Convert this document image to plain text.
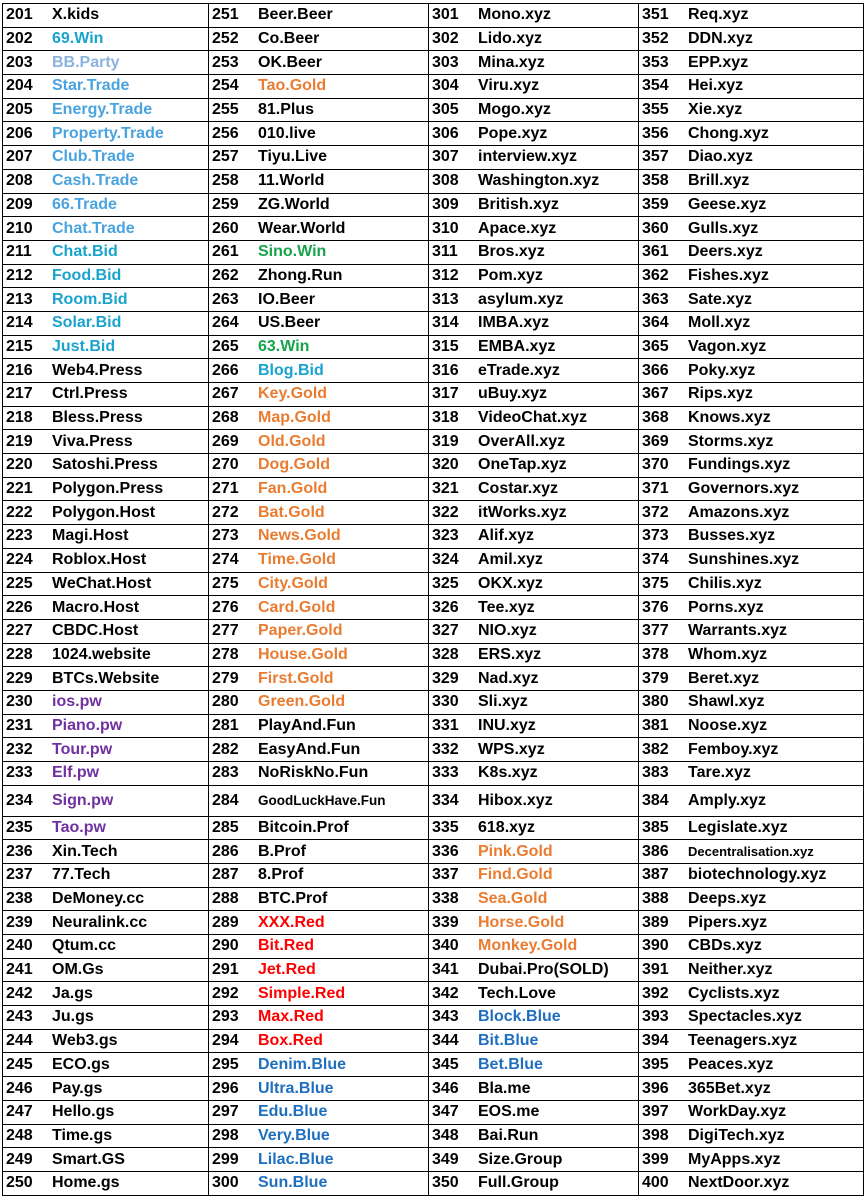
201 X.kids	251 Beer.Beer	301 Mono.xyz	351 Req.xyz
202 69.Win	252 Co.Beer	302 Lido.xyz	352 DDN.xyz
203 BB.Party	253 OK.Beer	303 Mina.xyz	353 EPP.xyz
204 Star.Trade	254 Tao.Gold	304 Viru.xyz	354 Hei.xyz
205 Energy.Trade	255 81.Plus	305 Mogo.xyz	355 Xie.xyz
206 Property.Trade	256 010.live	306 Pope.xyz	356 Chong.xyz
207 Club.Trade	257 Tiyu.Live	307 interview.xyz	357 Diao.xyz
208 Cash.Trade	258 11.World	308 Washington.xyz	358 Brill.xyz
209 66.Trade	259 ZG.World	309 British.xyz	359 Geese.xyz
210 Chat.Trade	260 Wear.World	310 Apace.xyz	360 Gulls.xyz
211 Chat.Bid	261 Sino.Win	311 Bros.xyz	361 Deers.xyz
212 Food.Bid	262 Zhong.Run	312 Pom.xyz	362 Fishes.xyz
213 Room.Bid	263 IO.Beer	313 asylum.xyz	363 Sate.xyz
214 Solar.Bid	264 US.Beer	314 IMBA.xyz	364 Moll.xyz
215 Just.Bid	265 63.Win	315 EMBA.xyz	365 Vagon.xyz
216 Web4.Press	266 Blog.Bid	316 eTrade.xyz	366 Poky.xyz
217 Ctrl.Press	267 Key.Gold	317 uBuy.xyz	367 Rips.xyz
218 Bless.Press	268 Map.Gold	318 VideoChat.xyz	368 Knows.xyz
219 Viva.Press	269 Old.Gold	319 OverAll.xyz	369 Storms.xyz
220 Satoshi.Press	270 Dog.Gold	320 OneTap.xyz	370 Fundings.xyz
221 Polygon.Press	271 Fan.Gold	321 Costar.xyz	371 Governors.xyz
222 Polygon.Host	272 Bat.Gold	322 itWorks.xyz	372 Amazons.xyz
223 Magi.Host	273 News.Gold	323 Alif.xyz	373 Busses.xyz
224 Roblox.Host	274 Time.Gold	324 Amil.xyz	374 Sunshines.xyz
225 WeChat.Host	275 City.Gold	325 OKX.xyz	375 Chilis.xyz
226 Macro.Host	276 Card.Gold	326 Tee.xyz	376 Porns.xyz
227 CBDC.Host	277 Paper.Gold	327 NIO.xyz	377 Warrants.xyz
228 1024.website	278 House.Gold	328 ERS.xyz	378 Whom.xyz
229 BTCs.Website	279 First.Gold	329 Nad.xyz	379 Beret.xyz
230 ios.pw	280 Green.Gold	330 Sli.xyz	380 Shawl.xyz
231 Piano.pw	281 PlayAnd.Fun	331 INU.xyz	381 Noose.xyz
232 Tour.pw	282 EasyAnd.Fun	332 WPS.xyz	382 Femboy.xyz
233 Elf.pw	283 NoRiskNo.Fun	333 K8s.xyz	383 Tare.xyz
234 Sign.pw	284 GoodLuckHave.Fun	334 Hibox.xyz	384 Amply.xyz
235 Tao.pw	285 Bitcoin.Prof	335 618.xyz	385 Legislate.xyz
236 Xin.Tech	286 B.Prof	336 Pink.Gold	386 Decentralisation.xyz
237 77.Tech	287 8.Prof	337 Find.Gold	387 biotechnology.xyz
238 DeMoney.cc	288 BTC.Prof	338 Sea.Gold	388 Deeps.xyz
239 Neuralink.cc	289 XXX.Red	339 Horse.Gold	389 Pipers.xyz
240 Qtum.cc	290 Bit.Red	340 Monkey.Gold	390 CBDs.xyz
241 OM.Gs	291 Jet.Red	341 Dubai.Pro(SOLD)	391 Neither.xyz
242 Ja.gs	292 Simple.Red	342 Tech.Love	392 Cyclists.xyz
243 Ju.gs	293 Max.Red	343 Block.Blue	393 Spectacles.xyz
244 Web3.gs	294 Box.Red	344 Bit.Blue	394 Teenagers.xyz
245 ECO.gs	295 Denim.Blue	345 Bet.Blue	395 Peaces.xyz
246 Pay.gs	296 Ultra.Blue	346 Bla.me	396 365Bet.xyz
247 Hello.gs	297 Edu.Blue	347 EOS.me	397 WorkDay.xyz
248 Time.gs	298 Very.Blue	348 Bai.Run	398 DigiTech.xyz
249 Smart.GS	299 Lilac.Blue	349 Size.Group	399 MyApps.xyz
250 Home.gs	300 Sun.Blue	350 Full.Group	400 NextDoor.xyz
